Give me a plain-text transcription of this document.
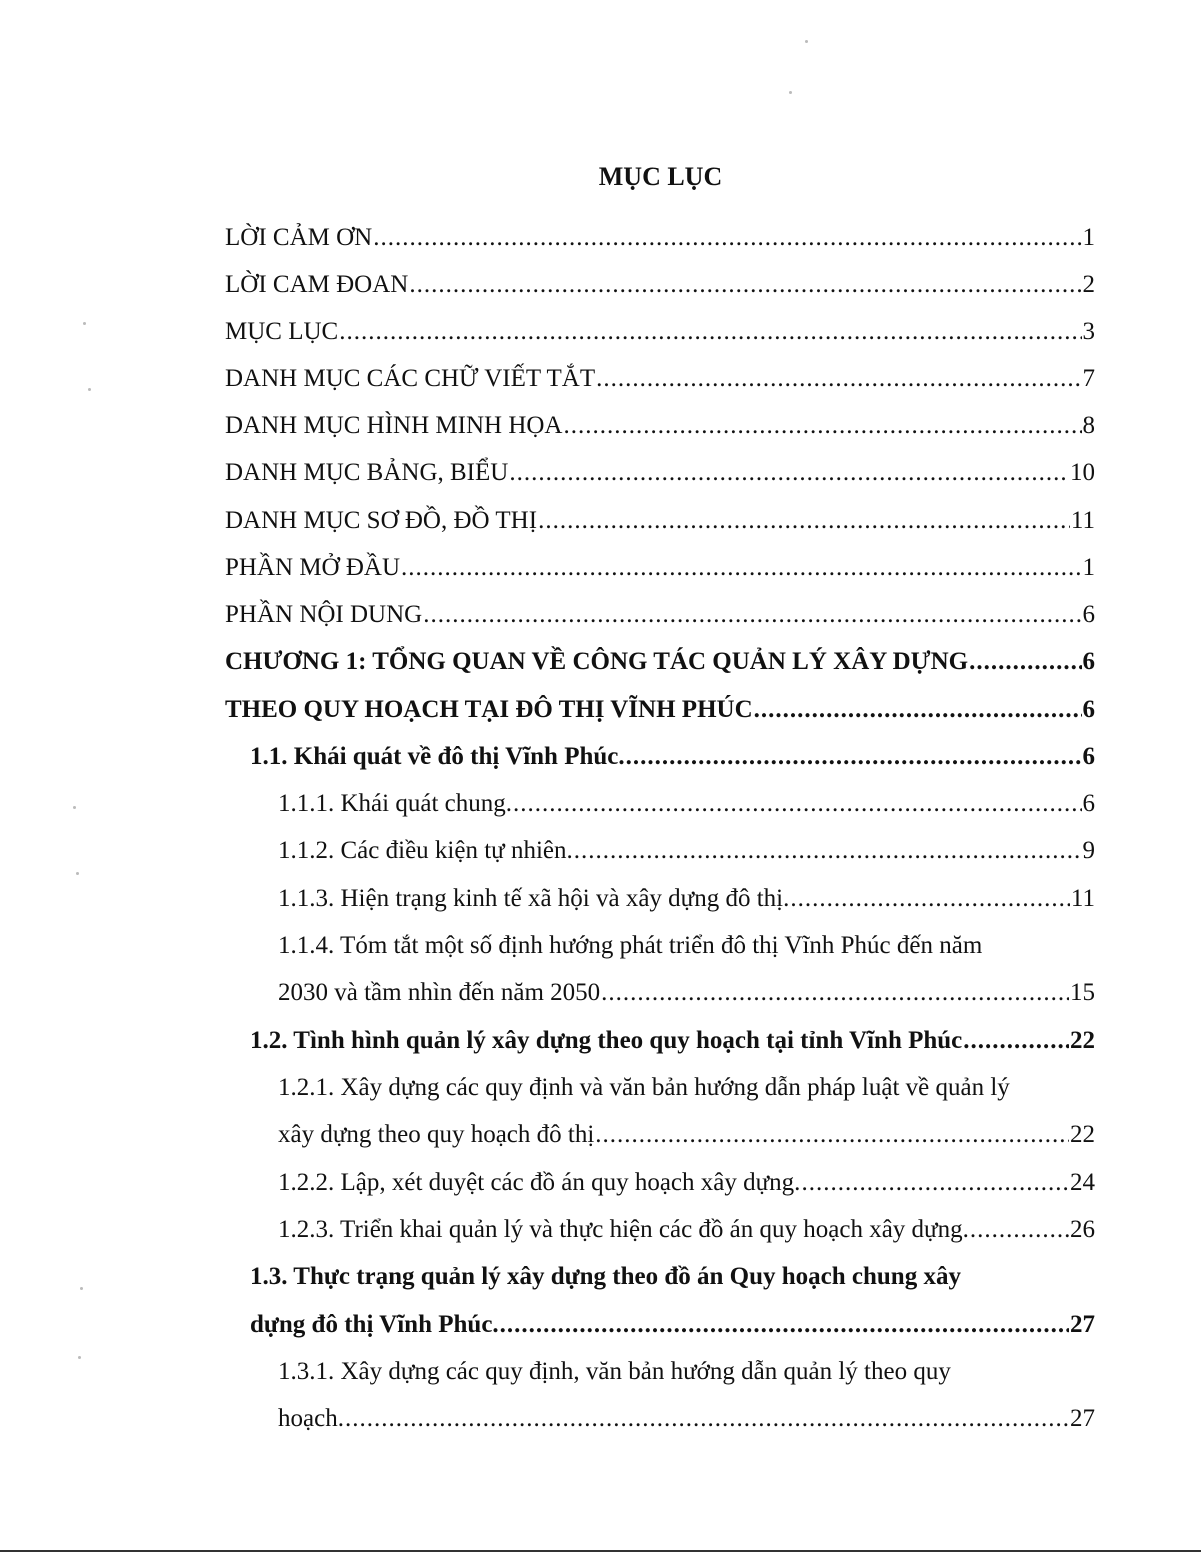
MỤC LỤC
LỜI CẢM ƠN .....	1
LỜI CAM ĐOAN .....	2
MỤC LỤC .....	3
DANH MỤC CÁC CHỮ VIẾT TẮT .....	7
DANH MỤC HÌNH MINH HỌA .....	8
DANH MỤC BẢNG, BIỂU .....	10
DANH MỤC SƠ ĐỒ, ĐỒ THỊ .....	11
PHẦN MỞ ĐẦU .....	1
PHẦN NỘI DUNG .....	6
CHƯƠNG 1: TỔNG QUAN VỀ CÔNG TÁC QUẢN LÝ XÂY DỰNG .....	6
THEO QUY HOẠCH TẠI ĐÔ THỊ VĨNH PHÚC .....	6
1.1. Khái quát về đô thị Vĩnh Phúc. .....	6
1.1.1. Khái quát chung. .....	6
1.1.2. Các điều kiện tự nhiên. .....	9
1.1.3. Hiện trạng kinh tế xã hội và xây dựng đô thị. .....	11
1.1.4. Tóm tắt một số định hướng phát triển đô thị Vĩnh Phúc đến năm
2030 và tầm nhìn đến năm 2050 .....	15
1.2. Tình hình quản lý xây dựng theo quy hoạch tại tỉnh Vĩnh Phúc .....	22
1.2.1. Xây dựng các quy định và văn bản hướng dẫn pháp luật về quản lý
xây dựng theo quy hoạch đô thị .....	22
1.2.2. Lập, xét duyệt các đồ án quy hoạch xây dựng. .....	24
1.2.3. Triển khai quản lý và thực hiện các đồ án quy hoạch xây dựng. .....	26
1.3. Thực trạng quản lý xây dựng theo đồ án Quy hoạch chung xây
dựng đô thị Vĩnh Phúc. .....	27
1.3.1. Xây dựng các quy định, văn bản hướng dẫn quản lý theo quy
hoạch. .....	27
